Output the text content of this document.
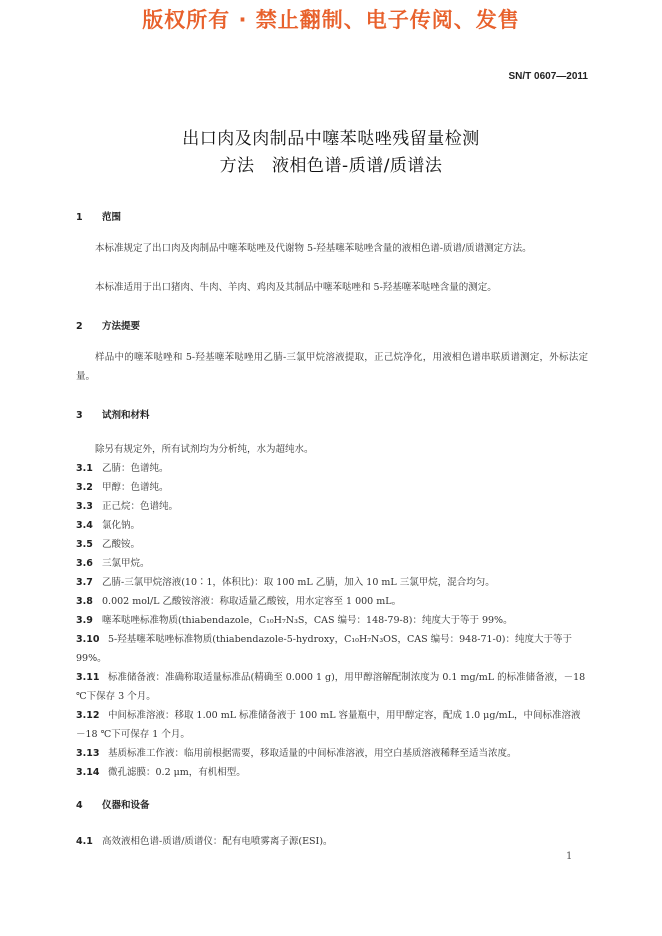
版权所有 · 禁止翻制、电子传阅、发售
SN/T 0607—2011
出口肉及肉制品中噻苯哒唑残留量检测
方法　液相色谱-质谱/质谱法
1 范围
本标准规定了出口肉及肉制品中噻苯哒唑及代谢物 5-羟基噻苯哒唑含量的液相色谱-质谱/质谱测定方法。
本标准适用于出口猪肉、牛肉、羊肉、鸡肉及其制品中噻苯哒唑和 5-羟基噻苯哒唑含量的测定。
2 方法提要
样品中的噻苯哒唑和 5-羟基噻苯哒唑用乙腈-三氯甲烷溶液提取，正己烷净化，用液相色谱串联质谱测定，外标法定量。
3 试剂和材料
除另有规定外，所有试剂均为分析纯，水为超纯水。
3.1 乙腈：色谱纯。
3.2 甲醇：色谱纯。
3.3 正己烷：色谱纯。
3.4 氯化钠。
3.5 乙酸铵。
3.6 三氯甲烷。
3.7 乙腈-三氯甲烷溶液(10∶1，体积比)：取 100 mL 乙腈，加入 10 mL 三氯甲烷，混合均匀。
3.8 0.002 mol/L 乙酸铵溶液：称取适量乙酸铵，用水定容至 1 000 mL。
3.9 噻苯哒唑标准物质(thiabendazole，C₁₀H₇N₃S，CAS 编号：148-79-8)：纯度大于等于 99%。
3.10 5-羟基噻苯哒唑标准物质(thiabendazole-5-hydroxy，C₁₀H₇N₃OS，CAS 编号：948-71-0)：纯度大于等于 99%。
3.11 标准储备液：准确称取适量标准品(精确至 0.000 1 g)，用甲醇溶解配制浓度为 0.1 mg/mL 的标准储备液，－18 ℃下保存 3 个月。
3.12 中间标准溶液：移取 1.00 mL 标准储备液于 100 mL 容量瓶中，用甲醇定容，配成 1.0 μg/mL，中间标准溶液－18 ℃下可保存 1 个月。
3.13 基质标准工作液：临用前根据需要，移取适量的中间标准溶液，用空白基质溶液稀释至适当浓度。
3.14 微孔滤膜：0.2 μm，有机相型。
4 仪器和设备
4.1 高效液相色谱-质谱/质谱仪：配有电喷雾离子源(ESI)。
1
